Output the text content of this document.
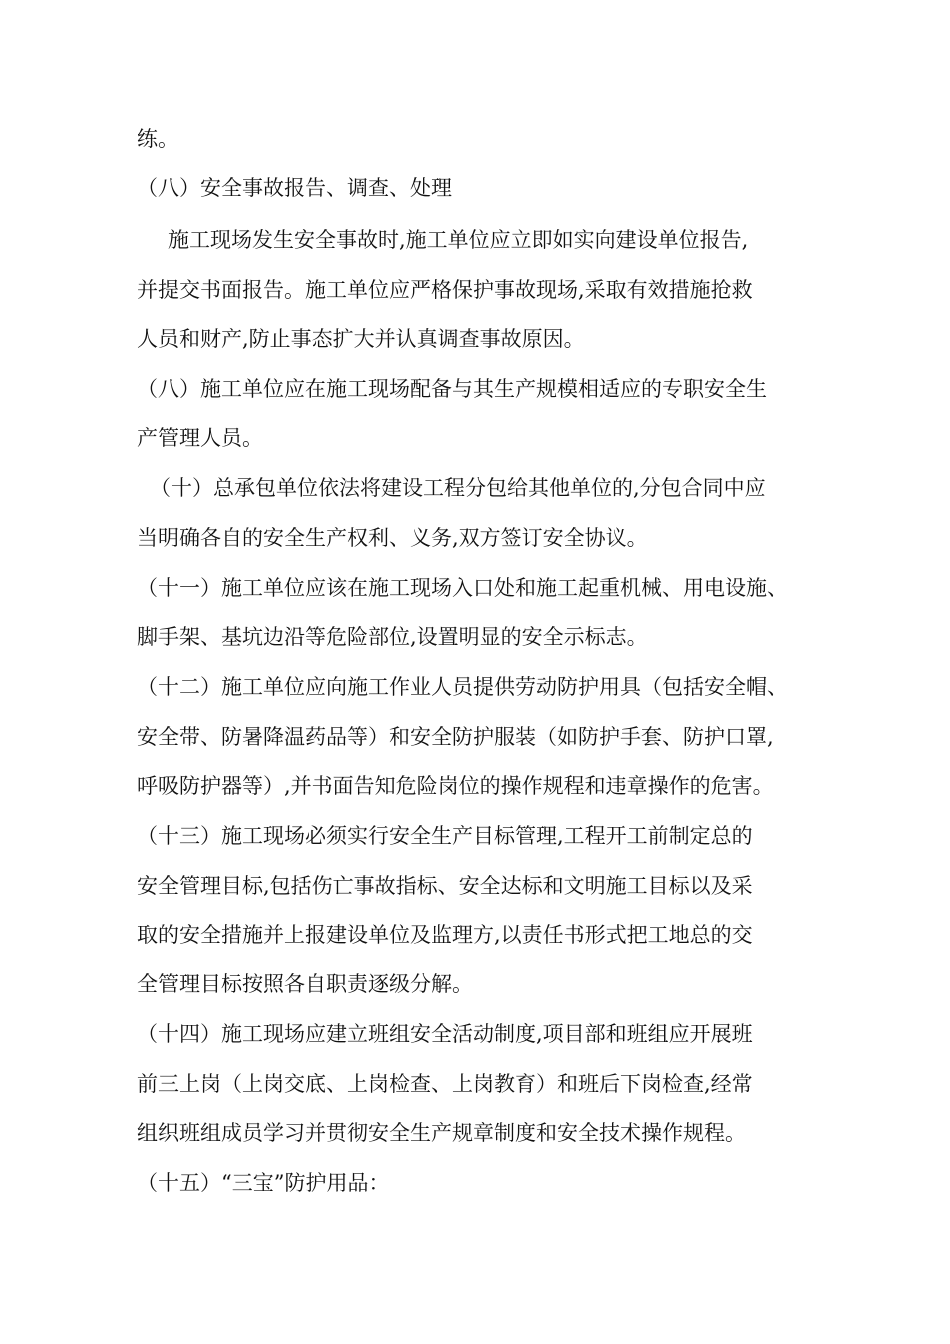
练。
（八）安全事故报告、调查、处理
施工现场发生安全事故时,施工单位应立即如实向建设单位报告,
并提交书面报告。施工单位应严格保护事故现场,采取有效措施抢救
人员和财产,防止事态扩大并认真调查事故原因。
（八）施工单位应在施工现场配备与其生产规模相适应的专职安全生
产管理人员。
（十）总承包单位依法将建设工程分包给其他单位的,分包合同中应
当明确各自的安全生产权利、义务,双方签订安全协议。
（十一）施工单位应该在施工现场入口处和施工起重机械、用电设施、
脚手架、基坑边沿等危险部位,设置明显的安全示标志。
（十二）施工单位应向施工作业人员提供劳动防护用具（包括安全帽、
安全带、防暑降温药品等）和安全防护服装（如防护手套、防护口罩,
呼吸防护器等）,并书面告知危险岗位的操作规程和违章操作的危害。
（十三）施工现场必须实行安全生产目标管理,工程开工前制定总的
安全管理目标,包括伤亡事故指标、安全达标和文明施工目标以及采
取的安全措施并上报建设单位及监理方,以责任书形式把工地总的交
全管理目标按照各自职责逐级分解。
（十四）施工现场应建立班组安全活动制度,项目部和班组应开展班
前三上岗（上岗交底、上岗检查、上岗教育）和班后下岗检查,经常
组织班组成员学习并贯彻安全生产规章制度和安全技术操作规程。
（十五）“三宝”防护用品：
